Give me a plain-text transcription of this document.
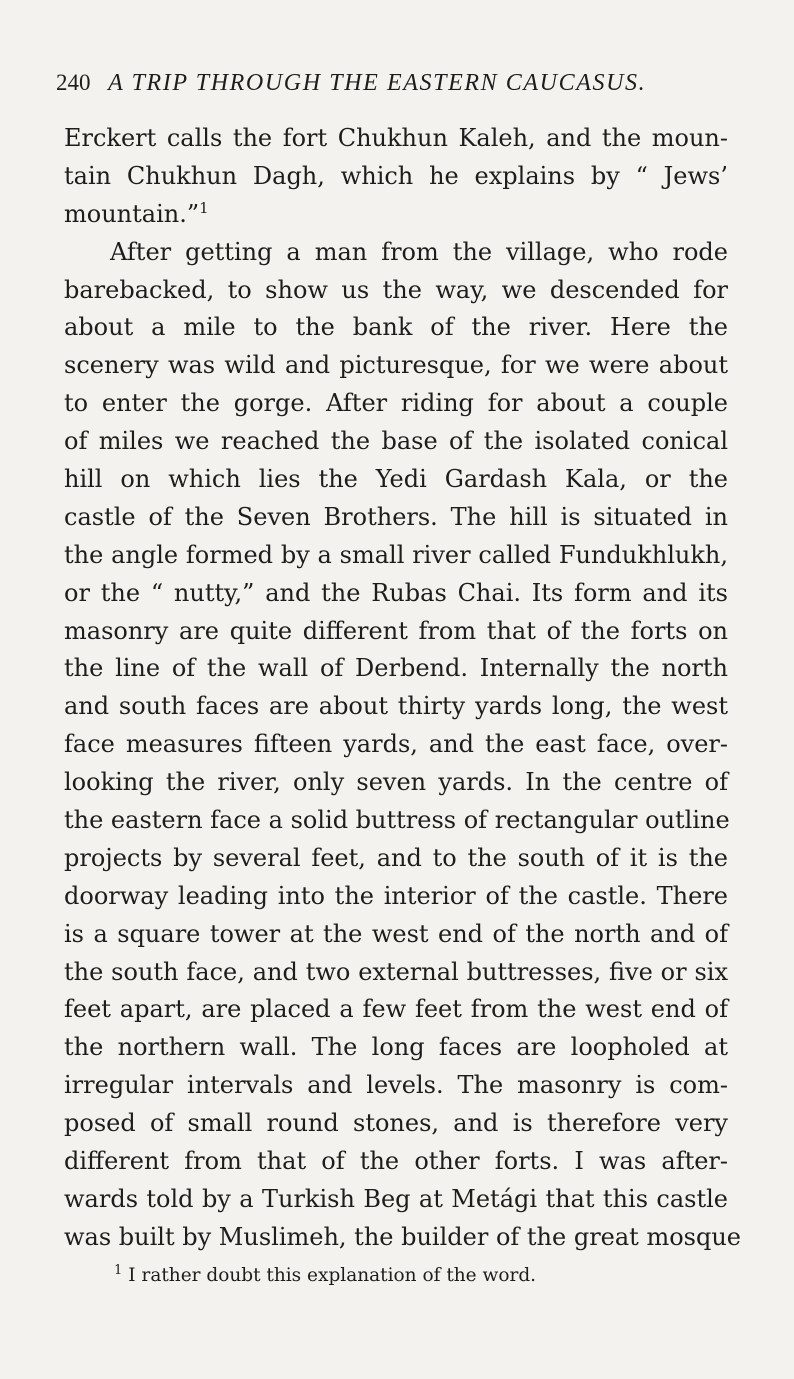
240 A TRIP THROUGH THE EASTERN CAUCASUS.
Erckert calls the fort Chukhun Kaleh, and the moun-
tain Chukhun Dagh, which he explains by “ Jews’
mountain.”$^1$
After getting a man from the village, who rode
barebacked, to show us the way, we descended for
about a mile to the bank of the river. Here the
scenery was wild and picturesque, for we were about
to enter the gorge. After riding for about a couple
of miles we reached the base of the isolated conical
hill on which lies the Yedi Gardash Kala, or the
castle of the Seven Brothers. The hill is situated in
the angle formed by a small river called Fundukhlukh,
or the “ nutty,” and the Rubas Chai. Its form and its
masonry are quite different from that of the forts on
the line of the wall of Derbend. Internally the north
and south faces are about thirty yards long, the west
face measures fifteen yards, and the east face, over-
looking the river, only seven yards. In the centre of
the eastern face a solid buttress of rectangular outline
projects by several feet, and to the south of it is the
doorway leading into the interior of the castle. There
is a square tower at the west end of the north and of
the south face, and two external buttresses, five or six
feet apart, are placed a few feet from the west end of
the northern wall. The long faces are loopholed at
irregular intervals and levels. The masonry is com-
posed of small round stones, and is therefore very
different from that of the other forts. I was after-
wards told by a Turkish Beg at Metági that this castle
was built by Muslimeh, the builder of the great mosque
$^1$ I rather doubt this explanation of the word.
